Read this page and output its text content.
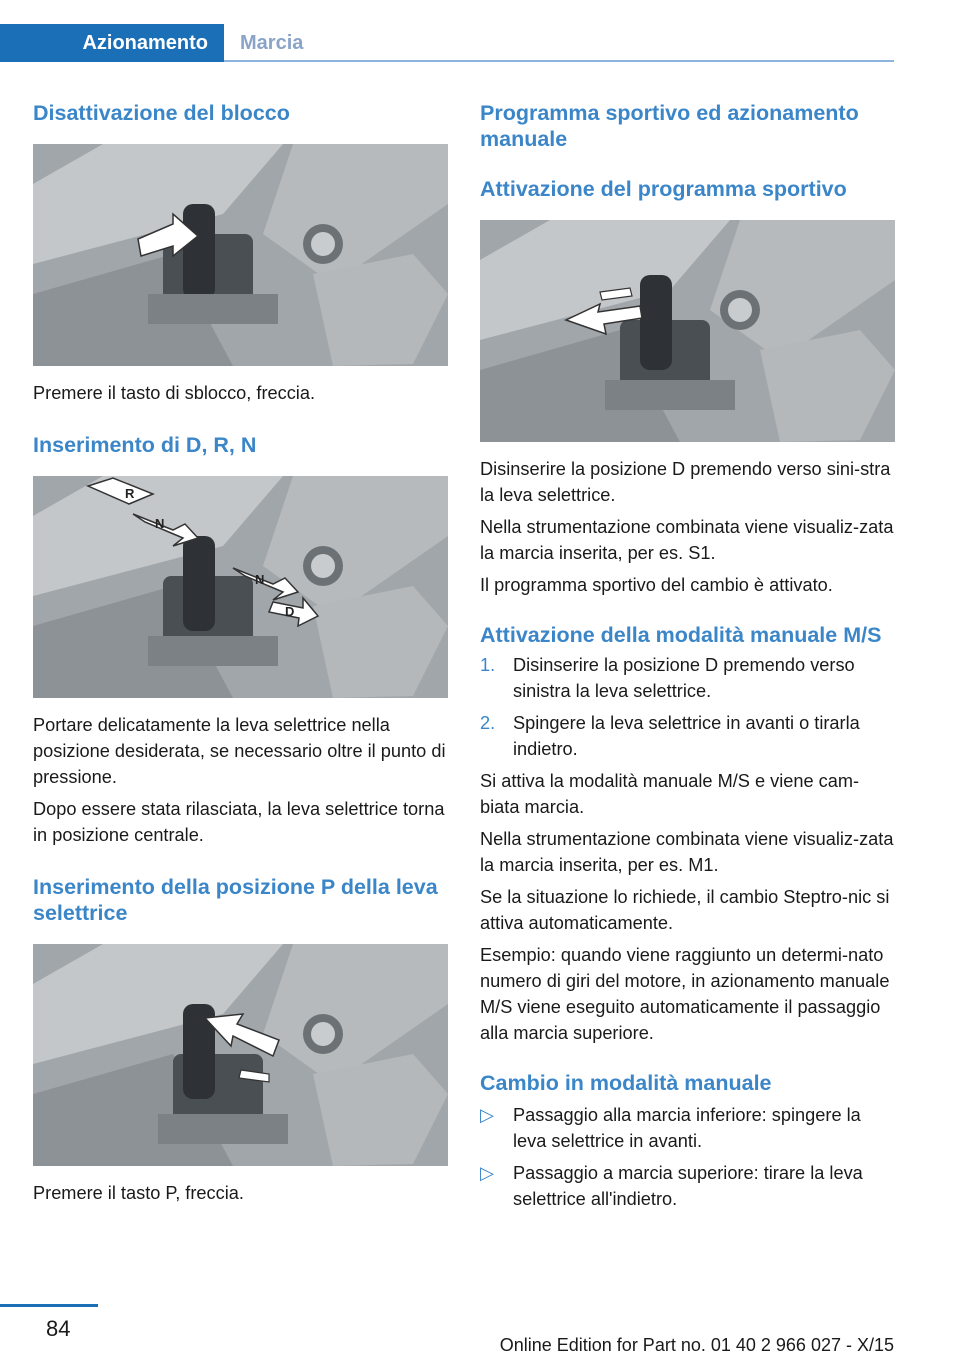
Azionamento	Marcia
Disattivazione del blocco

Premere il tasto di sblocco, freccia.

Inserimento di D, R, N
R
N
N
D

Portare delicatamente la leva selettrice nella posizione desiderata, se necessario oltre il punto di pressione.

Dopo essere stata rilasciata, la leva selettrice torna in posizione centrale.

Inserimento della posizione P della leva selettrice

Premere il tasto P, freccia.

Programma sportivo ed azionamento manuale
Attivazione del programma sportivo

Disinserire la posizione D premendo verso sini‐stra la leva selettrice.

Nella strumentazione combinata viene visualiz‐zata la marcia inserita, per es. S1.

Il programma sportivo del cambio è attivato.

Attivazione della modalità manuale M/S
1. Disinserire la posizione D premendo verso sinistra la leva selettrice.
2. Spingere la leva selettrice in avanti o tirarla indietro.

Si attiva la modalità manuale M/S e viene cam‐biata marcia.

Nella strumentazione combinata viene visualiz‐zata la marcia inserita, per es. M1.

Se la situazione lo richiede, il cambio Steptro‐nic si attiva automaticamente.

Esempio: quando viene raggiunto un determi‐nato numero di giri del motore, in azionamento manuale M/S viene eseguito automaticamente il passaggio alla marcia superiore.

Cambio in modalità manuale
▷	Passaggio alla marcia inferiore: spingere la leva selettrice in avanti.
▷	Passaggio a marcia superiore: tirare la leva selettrice all'indietro.
84
Online Edition for Part no. 01 40 2 966 027 - X/15
